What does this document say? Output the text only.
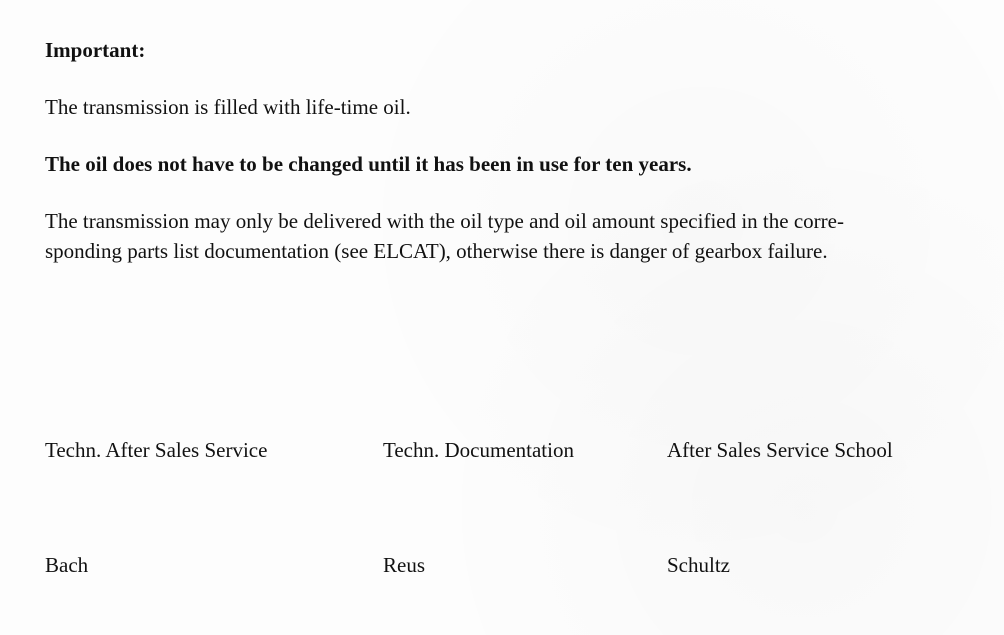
Important:
The transmission is filled with life-time oil.
The oil does not have to be changed until it has been in use for ten years.
The transmission may only be delivered with the oil type and oil amount specified in the corre-
sponding parts list documentation (see ELCAT), otherwise there is danger of gearbox failure.
Techn. After Sales Service	Techn. Documentation	After Sales Service School
Bach	Reus	Schultz
